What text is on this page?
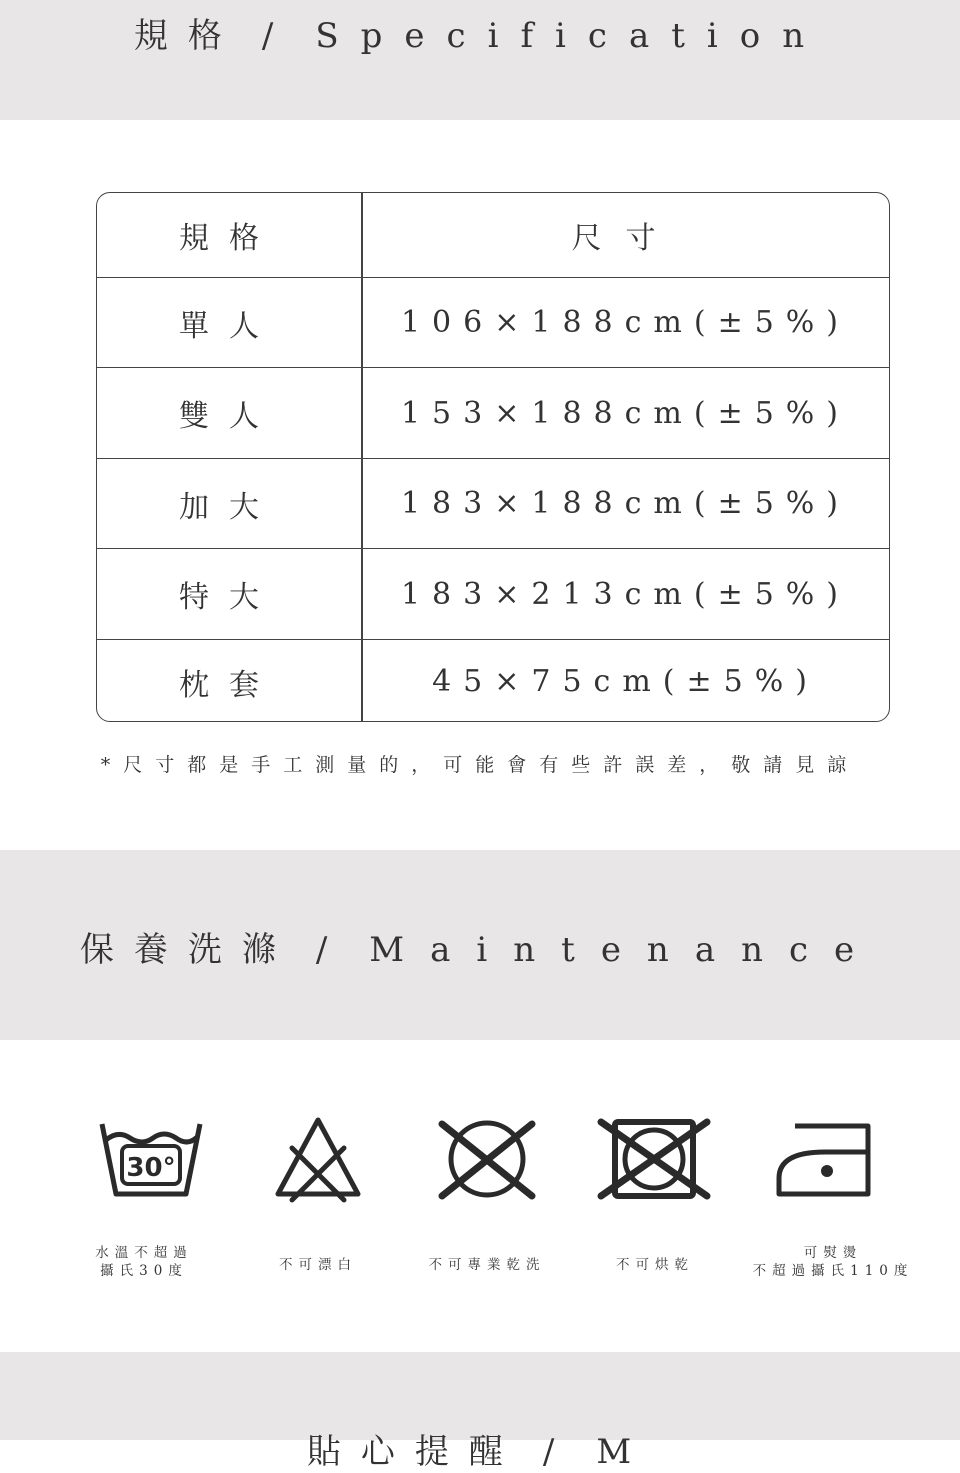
規格 / Specification
規格	尺寸
單人	106×188cm(±5%)
雙人	153×188cm(±5%)
加大	183×188cm(±5%)
特大	183×213cm(±5%)
枕套	45×75cm(±5%)
*尺寸都是手工測量的，可能會有些許誤差，敬請見諒
保養洗滌 / Maintenance
30°
水溫不超過
攝氏30度	不可漂白	不可專業乾洗	不可烘乾
可熨燙
不超過攝氏110度
貼心提醒 / M
